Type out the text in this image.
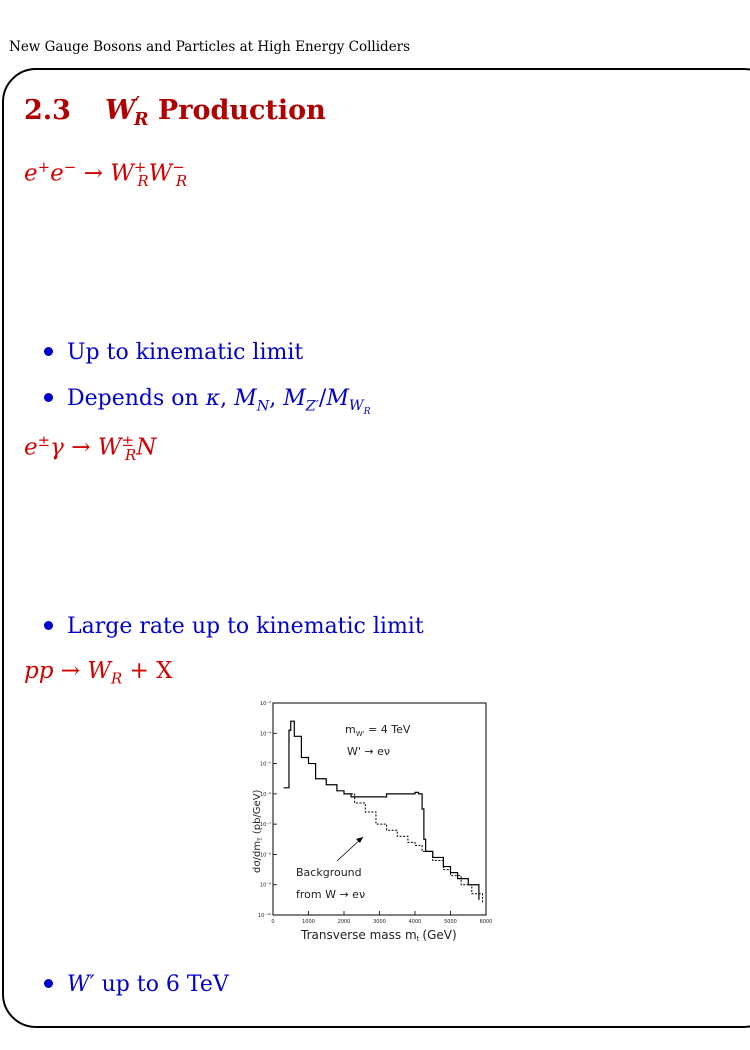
New Gauge Bosons and Particles at High Energy Colliders
2.3 $W'_R$ Production
$e^+e^- \to W^+_RW^-_R$
Up to kinematic limit
Depends on κ, $M_N$, $M_{Z'}/M_{W_R}$
$e^\pm\gamma \to W^\pm_RN$
Large rate up to kinematic limit
pp → $W_R + X$
10⁻³
10⁻⁴
10⁻⁵
10⁻⁶
10⁻⁷
10⁻⁸
10⁻⁹
10⁻¹⁰
0	1000	2000	3000	4000	5000	6000
$m_{W'} = 4$ TeV
W' → eν
Background
from W → eν
Transverse mass mt (GeV)
$d\sigma/dm_T(pb/GeV)$
W′ up to 6 TeV
